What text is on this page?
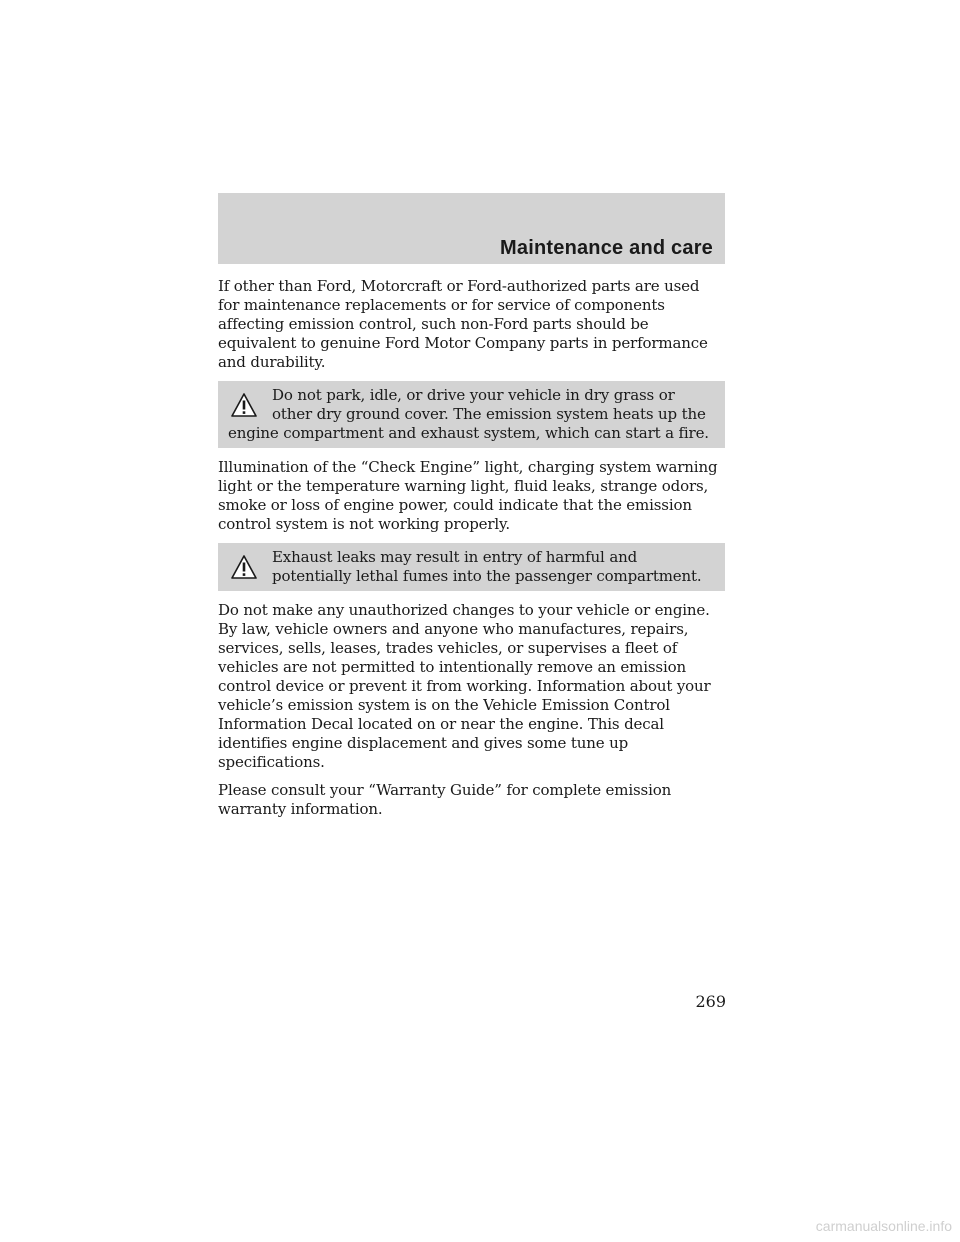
Maintenance and care

If other than Ford, Motorcraft or Ford-authorized parts are used for maintenance replacements or for service of components affecting emission control, such non-Ford parts should be equivalent to genuine Ford Motor Company parts in performance and durability.

Do not park, idle, or drive your vehicle in dry grass or other dry ground cover. The emission system heats up the engine compartment and exhaust system, which can start a fire.

Illumination of the “Check Engine” light, charging system warning light or the temperature warning light, fluid leaks, strange odors, smoke or loss of engine power, could indicate that the emission control system is not working properly.

Exhaust leaks may result in entry of harmful and potentially lethal fumes into the passenger compartment.

Do not make any unauthorized changes to your vehicle or engine. By law, vehicle owners and anyone who manufactures, repairs, services, sells, leases, trades vehicles, or supervises a fleet of vehicles are not permitted to intentionally remove an emission control device or prevent it from working. Information about your vehicle’s emission system is on the Vehicle Emission Control Information Decal located on or near the engine. This decal identifies engine displacement and gives some tune up specifications.

Please consult your “Warranty Guide” for complete emission warranty information.

269
carmanualsonline.info
